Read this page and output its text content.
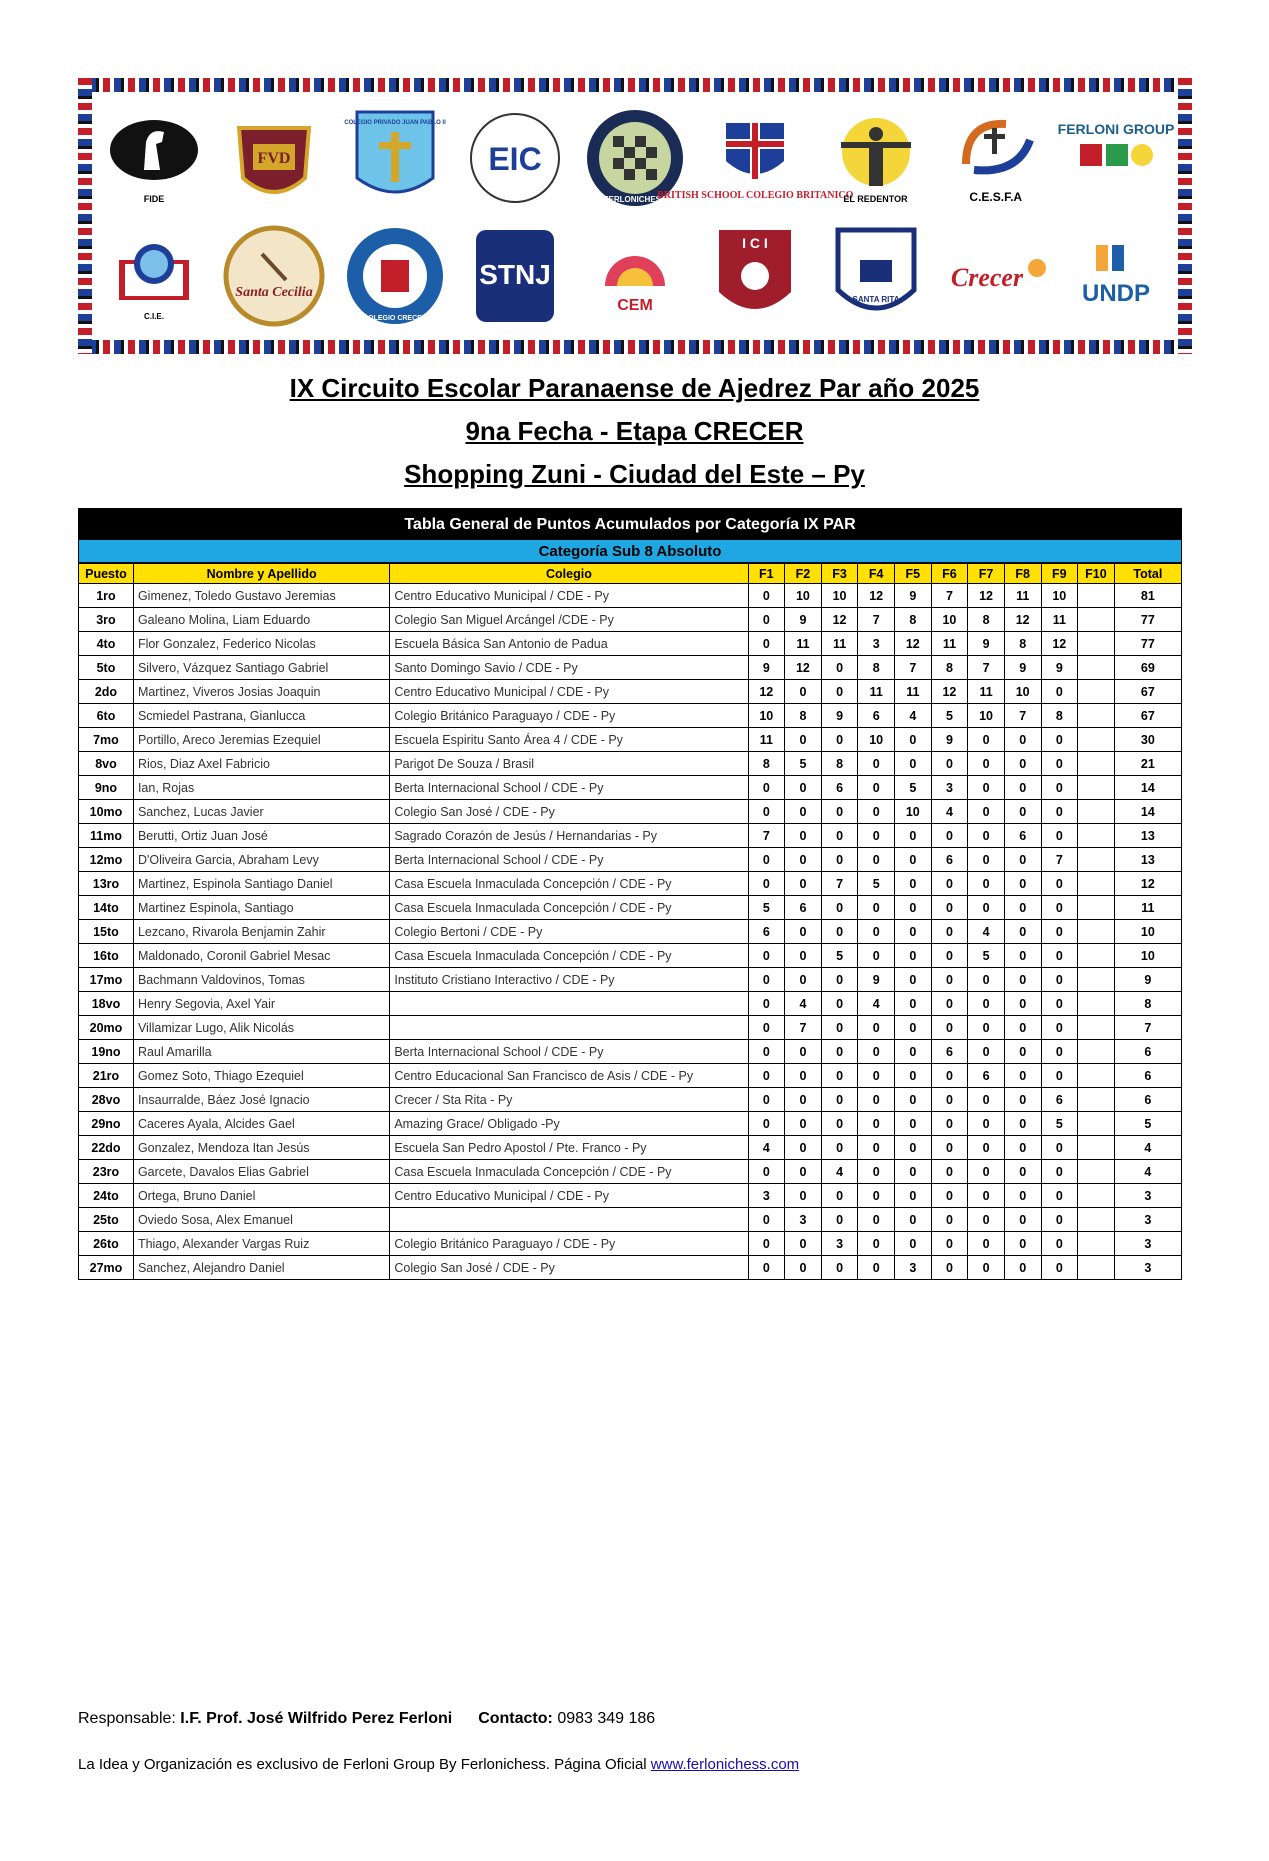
FIDE
FVD
COLEGIO PRIVADO JUAN PABLO II
EIC
FERLONICHESS
BRITISH SCHOOL COLEGIO BRITANICO
EL REDENTOR	C.E.S.F.A
FERLONI GROUP
C.I.E.
Santa Cecilia
COLEGIO CRECER
STNJ
CEM
I C I
SANTA RITA
Crecer
UNDP
IX Circuito Escolar Paranaense de Ajedrez Par año 2025
9na Fecha - Etapa CRECER
Shopping Zuni - Ciudad del Este – Py
Tabla General de Puntos Acumulados por Categoría IX PAR
Categoría Sub 8 Absoluto
Puesto	Nombre y Apellido	Colegio	F1	F2	F3	F4	F5	F6	F7	F8	F9	F10	Total
1ro	Gimenez, Toledo Gustavo Jeremias	Centro Educativo Municipal / CDE - Py	0	10	10	12	9	7	12	11	10		81
3ro	Galeano Molina, Liam Eduardo	Colegio San Miguel Arcángel /CDE - Py	0	9	12	7	8	10	8	12	11		77
4to	Flor Gonzalez, Federico Nicolas	Escuela Básica San Antonio de Padua	0	11	11	3	12	11	9	8	12		77
5to	Silvero, Vázquez Santiago Gabriel	Santo Domingo Savio / CDE - Py	9	12	0	8	7	8	7	9	9		69
2do	Martinez, Viveros Josias Joaquin	Centro Educativo Municipal / CDE - Py	12	0	0	11	11	12	11	10	0		67
6to	Scmiedel Pastrana, Gianlucca	Colegio Británico Paraguayo / CDE - Py	10	8	9	6	4	5	10	7	8		67
7mo	Portillo, Areco Jeremias Ezequiel	Escuela Espiritu Santo Área 4 / CDE - Py	11	0	0	10	0	9	0	0	0		30
8vo	Rios, Diaz Axel Fabricio	Parigot De Souza / Brasil	8	5	8	0	0	0	0	0	0		21
9no	Ian, Rojas	Berta Internacional School / CDE - Py	0	0	6	0	5	3	0	0	0		14
10mo	Sanchez, Lucas Javier	Colegio San José / CDE - Py	0	0	0	0	10	4	0	0	0		14
11mo	Berutti, Ortiz Juan José	Sagrado Corazón de Jesús / Hernandarias - Py	7	0	0	0	0	0	0	6	0		13
12mo	D'Oliveira Garcia, Abraham Levy	Berta Internacional School / CDE - Py	0	0	0	0	0	6	0	0	7		13
13ro	Martinez, Espinola Santiago Daniel	Casa Escuela Inmaculada Concepción / CDE - Py	0	0	7	5	0	0	0	0	0		12
14to	Martinez Espinola, Santiago	Casa Escuela Inmaculada Concepción / CDE - Py	5	6	0	0	0	0	0	0	0		11
15to	Lezcano, Rivarola Benjamin Zahir	Colegio Bertoni / CDE - Py	6	0	0	0	0	0	4	0	0		10
16to	Maldonado, Coronil Gabriel Mesac	Casa Escuela Inmaculada Concepción / CDE - Py	0	0	5	0	0	0	5	0	0		10
17mo	Bachmann Valdovinos, Tomas	Instituto Cristiano Interactivo / CDE - Py	0	0	0	9	0	0	0	0	0		9
18vo	Henry Segovia, Axel Yair		0	4	0	4	0	0	0	0	0		8
20mo	Villamizar Lugo, Alik Nicolás		0	7	0	0	0	0	0	0	0		7
19no	Raul Amarilla	Berta Internacional School / CDE - Py	0	0	0	0	0	6	0	0	0		6
21ro	Gomez Soto, Thiago Ezequiel	Centro Educacional San Francisco de Asis / CDE - Py	0	0	0	0	0	0	6	0	0		6
28vo	Insaurralde, Báez José Ignacio	Crecer / Sta Rita - Py	0	0	0	0	0	0	0	0	6		6
29no	Caceres Ayala, Alcides Gael	Amazing Grace/ Obligado -Py	0	0	0	0	0	0	0	0	5		5
22do	Gonzalez, Mendoza Itan Jesús	Escuela San Pedro Apostol / Pte. Franco - Py	4	0	0	0	0	0	0	0	0		4
23ro	Garcete, Davalos Elias Gabriel	Casa Escuela Inmaculada Concepción / CDE - Py	0	0	4	0	0	0	0	0	0		4
24to	Ortega, Bruno Daniel	Centro Educativo Municipal / CDE - Py	3	0	0	0	0	0	0	0	0		3
25to	Oviedo Sosa, Alex Emanuel		0	3	0	0	0	0	0	0	0		3
26to	Thiago, Alexander Vargas Ruiz	Colegio Británico Paraguayo / CDE - Py	0	0	3	0	0	0	0	0	0		3
27mo	Sanchez, Alejandro Daniel	Colegio San José / CDE - Py	0	0	0	0	3	0	0	0	0		3
Responsable: I.F. Prof. José Wilfrido Perez Ferloni Contacto: 0983 349 186
La Idea y Organización es exclusivo de Ferloni Group By Ferlonichess. Página Oficial www.ferlonichess.com
